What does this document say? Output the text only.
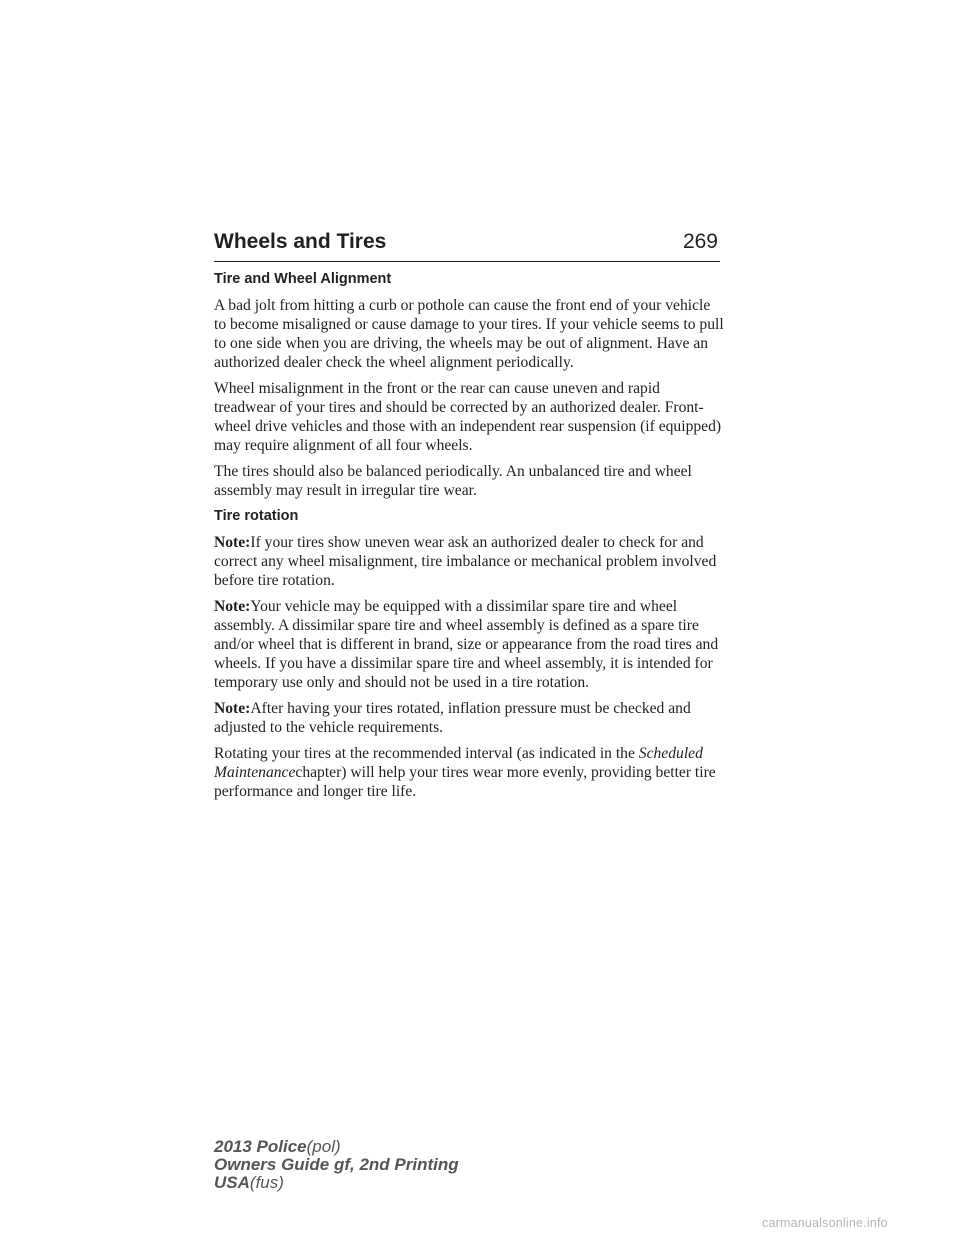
Wheels and Tires	269
Tire and Wheel Alignment

A bad jolt from hitting a curb or pothole can cause the front end of your vehicle to become misaligned or cause damage to your tires. If your vehicle seems to pull to one side when you are driving, the wheels may be out of alignment. Have an authorized dealer check the wheel alignment periodically.

Wheel misalignment in the front or the rear can cause uneven and rapid treadwear of your tires and should be corrected by an authorized dealer. Front-wheel drive vehicles and those with an independent rear suspension (if equipped) may require alignment of all four wheels.

The tires should also be balanced periodically. An unbalanced tire and wheel assembly may result in irregular tire wear.

Tire rotation

Note:If your tires show uneven wear ask an authorized dealer to check for and correct any wheel misalignment, tire imbalance or mechanical problem involved before tire rotation.

Note:Your vehicle may be equipped with a dissimilar spare tire and wheel assembly. A dissimilar spare tire and wheel assembly is defined as a spare tire and/or wheel that is different in brand, size or appearance from the road tires and wheels. If you have a dissimilar spare tire and wheel assembly, it is intended for temporary use only and should not be used in a tire rotation.

Note:After having your tires rotated, inflation pressure must be checked and adjusted to the vehicle requirements.

Rotating your tires at the recommended interval (as indicated in the Scheduled Maintenancechapter) will help your tires wear more evenly, providing better tire performance and longer tire life.

2013 Police(pol)
Owners Guide gf, 2nd Printing
USA(fus)
carmanualsonline.info
